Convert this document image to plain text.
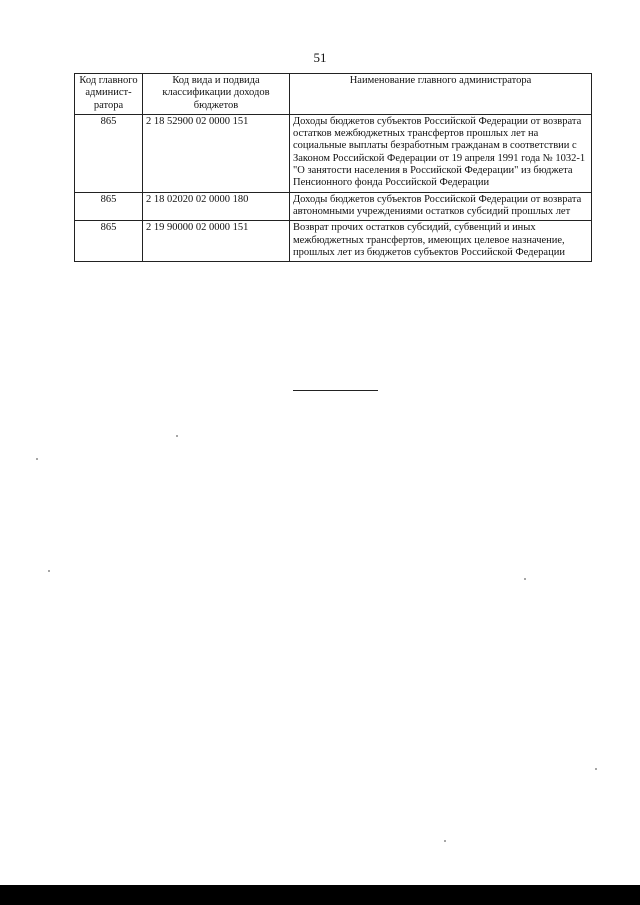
51
Код главного админист-ратора	Код вида и подвида классификации доходов бюджетов	Наименование главного администратора
865	2 18 52900 02 0000 151	Доходы бюджетов субъектов Российской Федерации от возврата остатков межбюджетных трансфертов прошлых лет на социальные выплаты безработным гражданам в соответствии с Законом Российской Федерации от 19 апреля 1991 года № 1032-1 "О занятости населения в Российской Федерации" из бюджета Пенсионного фонда Российской Федерации
865	2 18 02020 02 0000 180	Доходы бюджетов субъектов Российской Федерации от возврата автономными учреждениями остатков субсидий прошлых лет
865	2 19 90000 02 0000 151	Возврат прочих остатков субсидий, субвенций и иных межбюджетных трансфертов, имеющих целевое назначение, прошлых лет из бюджетов субъектов Российской Федерации
